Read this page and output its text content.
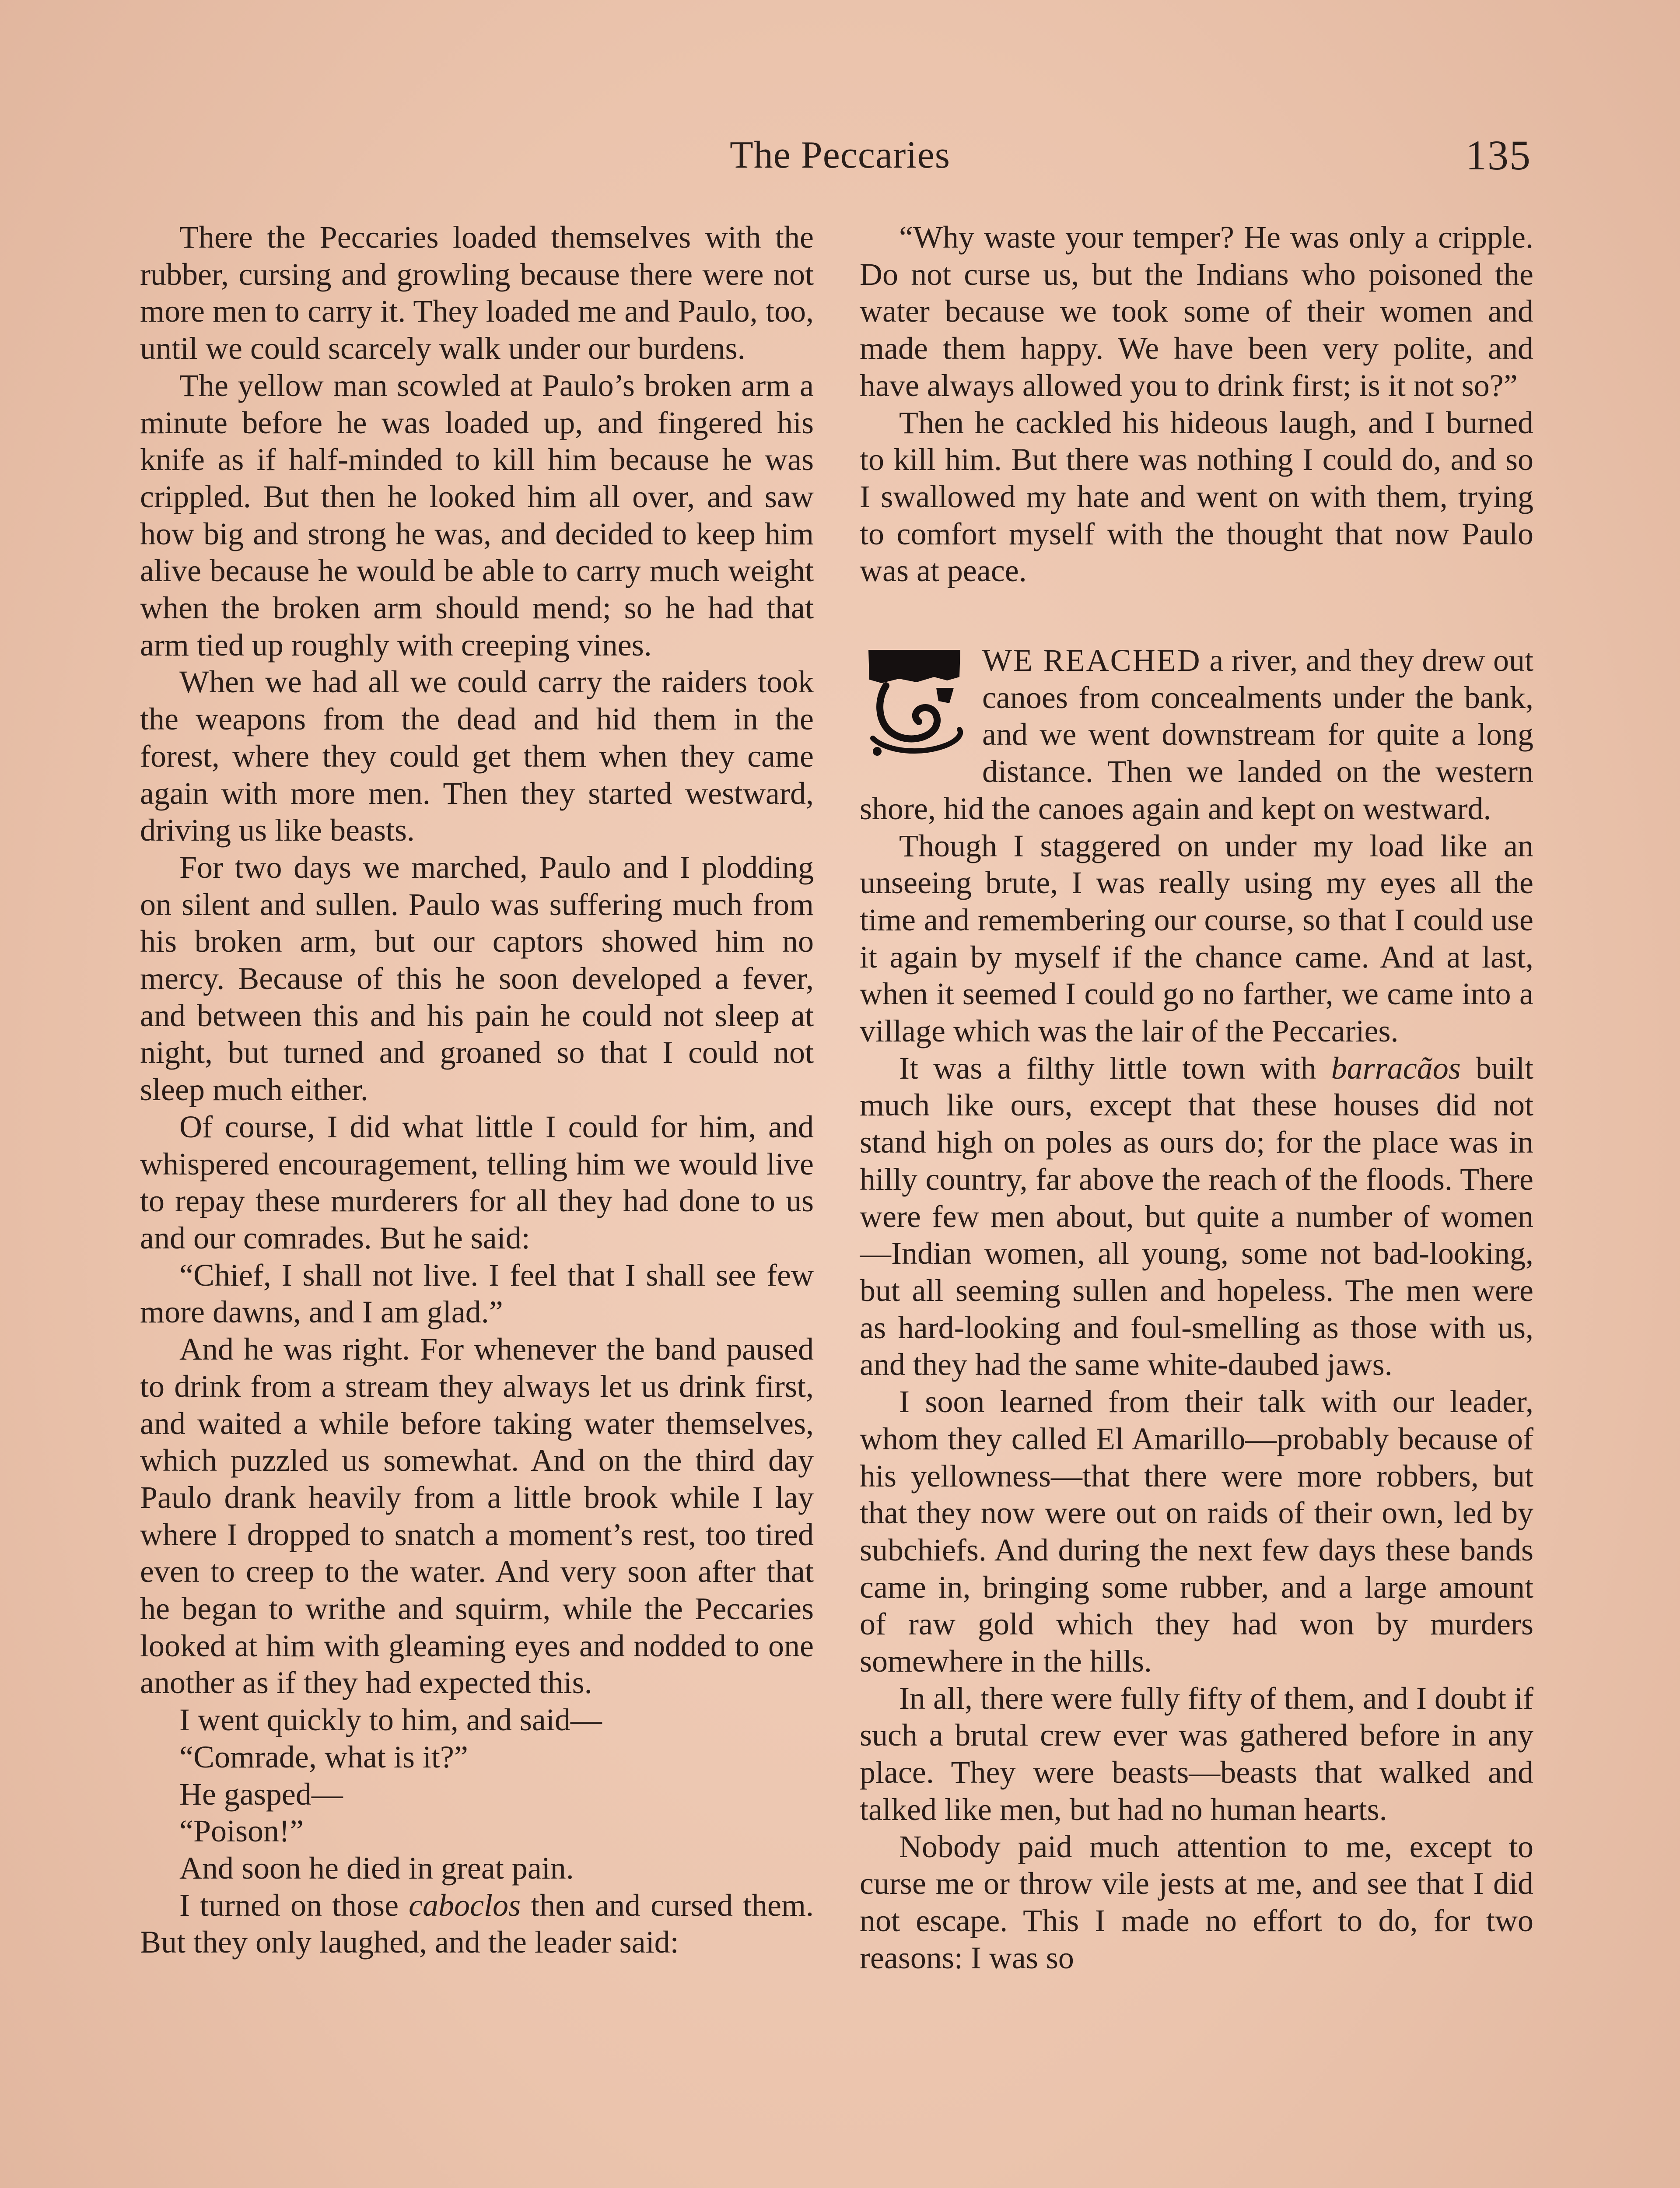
The Peccaries	135

There the Peccaries loaded themselves with the rubber, cursing and growling because there were not more men to carry it. They loaded me and Paulo, too, until we could scarcely walk under our burdens.

The yellow man scowled at Paulo’s broken arm a minute before he was loaded up, and fingered his knife as if half-minded to kill him because he was crippled. But then he looked him all over, and saw how big and strong he was, and decided to keep him alive because he would be able to carry much weight when the broken arm should mend; so he had that arm tied up roughly with creeping vines.

When we had all we could carry the raiders took the weapons from the dead and hid them in the forest, where they could get them when they came again with more men. Then they started westward, driving us like beasts.

For two days we marched, Paulo and I plodding on silent and sullen. Paulo was suffering much from his broken arm, but our captors showed him no mercy. Because of this he soon developed a fever, and between this and his pain he could not sleep at night, but turned and groaned so that I could not sleep much either.

Of course, I did what little I could for him, and whispered encouragement, telling him we would live to repay these murderers for all they had done to us and our comrades. But he said:

“Chief, I shall not live. I feel that I shall see few more dawns, and I am glad.”

And he was right. For whenever the band paused to drink from a stream they always let us drink first, and waited a while before taking water themselves, which puzzled us somewhat. And on the third day Paulo drank heavily from a little brook while I lay where I dropped to snatch a moment’s rest, too tired even to creep to the water. And very soon after that he began to writhe and squirm, while the Peccaries looked at him with gleaming eyes and nodded to one another as if they had expected this.

I went quickly to him, and said—

“Comrade, what is it?”

He gasped—

“Poison!”

And soon he died in great pain.

I turned on those caboclos then and cursed them. But they only laughed, and the leader said:

“Why waste your temper? He was only a cripple. Do not curse us, but the Indians who poisoned the water because we took some of their women and made them happy. We have been very polite, and have always allowed you to drink first; is it not so?”

Then he cackled his hideous laugh, and I burned to kill him. But there was nothing I could do, and so I swallowed my hate and went on with them, trying to comfort myself with the thought that now Paulo was at peace.

WE REACHED a river, and they drew out canoes from concealments under the bank, and we went downstream for quite a long distance. Then we landed on the western shore, hid the canoes again and kept on westward.

Though I staggered on under my load like an unseeing brute, I was really using my eyes all the time and remembering our course, so that I could use it again by myself if the chance came. And at last, when it seemed I could go no farther, we came into a village which was the lair of the Peccaries.

It was a filthy little town with barracãos built much like ours, except that these houses did not stand high on poles as ours do; for the place was in hilly country, far above the reach of the floods. There were few men about, but quite a number of women—Indian women, all young, some not bad-looking, but all seeming sullen and hopeless. The men were as hard-looking and foul-smelling as those with us, and they had the same white-daubed jaws.

I soon learned from their talk with our leader, whom they called El Amarillo—probably because of his yellowness—that there were more robbers, but that they now were out on raids of their own, led by subchiefs. And during the next few days these bands came in, bringing some rubber, and a large amount of raw gold which they had won by murders somewhere in the hills.

In all, there were fully fifty of them, and I doubt if such a brutal crew ever was gathered before in any place. They were beasts—beasts that walked and talked like men, but had no human hearts.

Nobody paid much attention to me, except to curse me or throw vile jests at me, and see that I did not escape. This I made no effort to do, for two reasons: I was so
